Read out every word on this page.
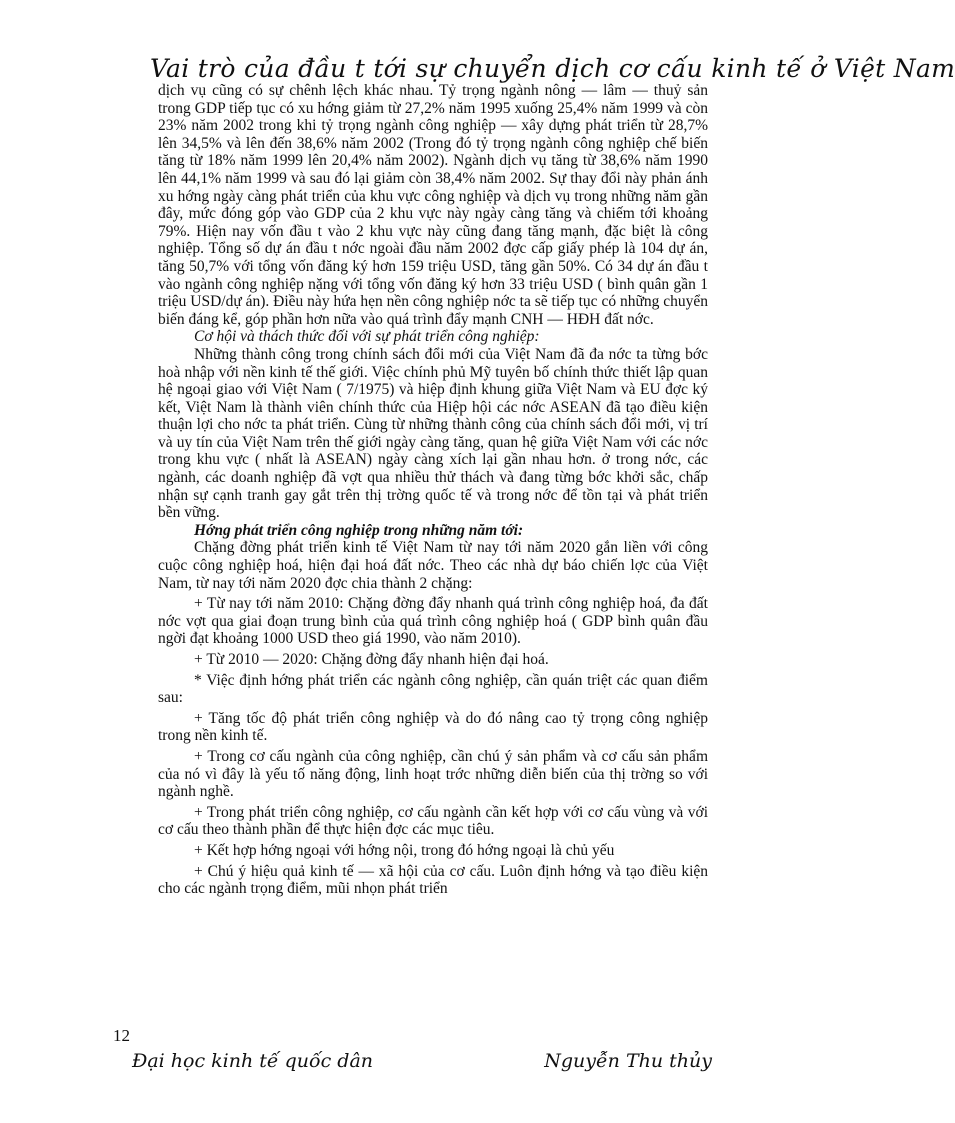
Vai trò của đầu t tới sự chuyển dịch cơ cấu kinh tế ở Việt Nam

dịch vụ cũng có sự chênh lệch khác nhau. Tỷ trọng ngành nông — lâm — thuỷ sản trong GDP tiếp tục có xu hớng giảm từ 27,2% năm 1995 xuống 25,4% năm 1999 và còn 23% năm 2002 trong khi tỷ trọng ngành công nghiệp — xây dựng phát triển từ 28,7% lên 34,5% và lên đến 38,6% năm 2002 (Trong đó tỷ trọng ngành công nghiệp chế biến tăng từ 18% năm 1999 lên 20,4% năm 2002). Ngành dịch vụ tăng từ 38,6% năm 1990 lên 44,1% năm 1999 và sau đó lại giảm còn 38,4% năm 2002. Sự thay đổi này phản ánh xu hớng ngày càng phát triển của khu vực công nghiệp và dịch vụ trong những năm gần đây, mức đóng góp vào GDP của 2 khu vực này ngày càng tăng và chiếm tới khoảng 79%. Hiện nay vốn đầu t vào 2 khu vực này cũng đang tăng mạnh, đặc biệt là công nghiệp. Tổng số dự án đầu t nớc ngoài đầu năm 2002 đợc cấp giấy phép là 104 dự án, tăng 50,7% với tổng vốn đăng ký hơn 159 triệu USD, tăng gần 50%. Có 34 dự án đầu t vào ngành công nghiệp nặng với tổng vốn đăng ký hơn 33 triệu USD ( bình quân gần 1 triệu USD/dự án). Điều này hứa hẹn nền công nghiệp nớc ta sẽ tiếp tục có những chuyển biến đáng kể, góp phần hơn nữa vào quá trình đẩy mạnh CNH — HĐH đất nớc.

Cơ hội và thách thức đối với sự phát triển công nghiệp:

Những thành công trong chính sách đổi mới của Việt Nam đã đa nớc ta từng bớc hoà nhập với nền kinh tế thế giới. Việc chính phủ Mỹ tuyên bố chính thức thiết lập quan hệ ngoại giao với Việt Nam ( 7/1975) và hiệp định khung giữa Việt Nam và EU đợc ký kết, Việt Nam là thành viên chính thức của Hiệp hội các nớc ASEAN đã tạo điều kiện thuận lợi cho nớc ta phát triển. Cùng từ những thành công của chính sách đổi mới, vị trí và uy tín của Việt Nam trên thế giới ngày càng tăng, quan hệ giữa Việt Nam với các nớc trong khu vực ( nhất là ASEAN) ngày càng xích lại gần nhau hơn. ở trong nớc, các ngành, các doanh nghiệp đã vợt qua nhiều thử thách và đang từng bớc khởi sắc, chấp nhận sự cạnh tranh gay gắt trên thị trờng quốc tế và trong nớc để tồn tại và phát triển bền vững.

Hớng phát triển công nghiệp trong những năm tới:

Chặng đờng phát triển kinh tế Việt Nam từ nay tới năm 2020 gắn liền với công cuộc công nghiệp hoá, hiện đại hoá đất nớc. Theo các nhà dự báo chiến lợc của Việt Nam, từ nay tới năm 2020 đợc chia thành 2 chặng:

+ Từ nay tới năm 2010: Chặng đờng đẩy nhanh quá trình công nghiệp hoá, đa đất nớc vợt qua giai đoạn trung bình của quá trình công nghiệp hoá ( GDP bình quân đầu ngời đạt khoảng 1000 USD theo giá 1990, vào năm 2010).

+ Từ 2010 — 2020: Chặng đờng đẩy nhanh hiện đại hoá.

* Việc định hớng phát triển các ngành công nghiệp, cần quán triệt các quan điểm sau:

+ Tăng tốc độ phát triển công nghiệp và do đó nâng cao tỷ trọng công nghiệp trong nền kinh tế.

+ Trong cơ cấu ngành của công nghiệp, cần chú ý sản phẩm và cơ cấu sản phẩm của nó vì đây là yếu tố năng động, linh hoạt trớc những diễn biến của thị trờng so với ngành nghề.

+ Trong phát triển công nghiệp, cơ cấu ngành cần kết hợp với cơ cấu vùng và với cơ cấu theo thành phần để thực hiện đợc các mục tiêu.

+ Kết hợp hớng ngoại với hớng nội, trong đó hớng ngoại là chủ yếu

+ Chú ý hiệu quả kinh tế — xã hội của cơ cấu. Luôn định hớng và tạo điều kiện cho các ngành trọng điểm, mũi nhọn phát triển

12
Đại học kinh tế quốc dân	Nguyễn Thu thủy
